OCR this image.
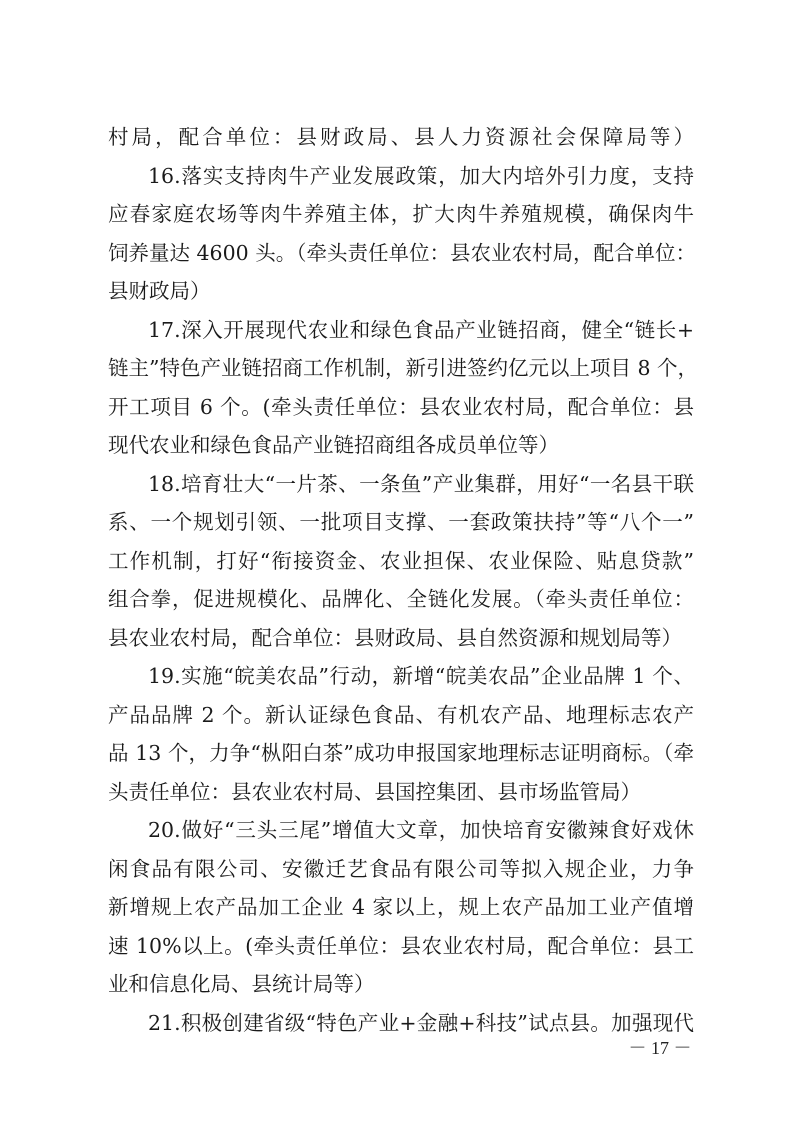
村局，配合单位：县财政局、县人力资源社会保障局等）
16.落实支持肉牛产业发展政策，加大内培外引力度，支持
应春家庭农场等肉牛养殖主体，扩大肉牛养殖规模，确保肉牛
饲养量达 4600 头。（牵头责任单位：县农业农村局，配合单位：
县财政局）
17.深入开展现代农业和绿色食品产业链招商，健全“链长+
链主”特色产业链招商工作机制，新引进签约亿元以上项目 8 个，
开工项目 6 个。(牵头责任单位：县农业农村局，配合单位：县
现代农业和绿色食品产业链招商组各成员单位等）
18.培育壮大“一片茶、一条鱼”产业集群，用好“一名县干联
系、一个规划引领、一批项目支撑、一套政策扶持”等“八个一”
工作机制，打好“衔接资金、农业担保、农业保险、贴息贷款”
组合拳，促进规模化、品牌化、全链化发展。（牵头责任单位：
县农业农村局，配合单位：县财政局、县自然资源和规划局等）
19.实施“皖美农品”行动，新增“皖美农品”企业品牌 1 个、
产品品牌 2 个。新认证绿色食品、有机农产品、地理标志农产
品 13 个，力争“枞阳白茶”成功申报国家地理标志证明商标。（牵
头责任单位：县农业农村局、县国控集团、县市场监管局）
20.做好“三头三尾”增值大文章，加快培育安徽辣食好戏休
闲食品有限公司、安徽迁艺食品有限公司等拟入规企业，力争
新增规上农产品加工企业 4 家以上，规上农产品加工业产值增
速 10%以上。(牵头责任单位：县农业农村局，配合单位：县工
业和信息化局、县统计局等）
21.积极创建省级“特色产业+金融+科技”试点县。加强现代
－ 17 －
